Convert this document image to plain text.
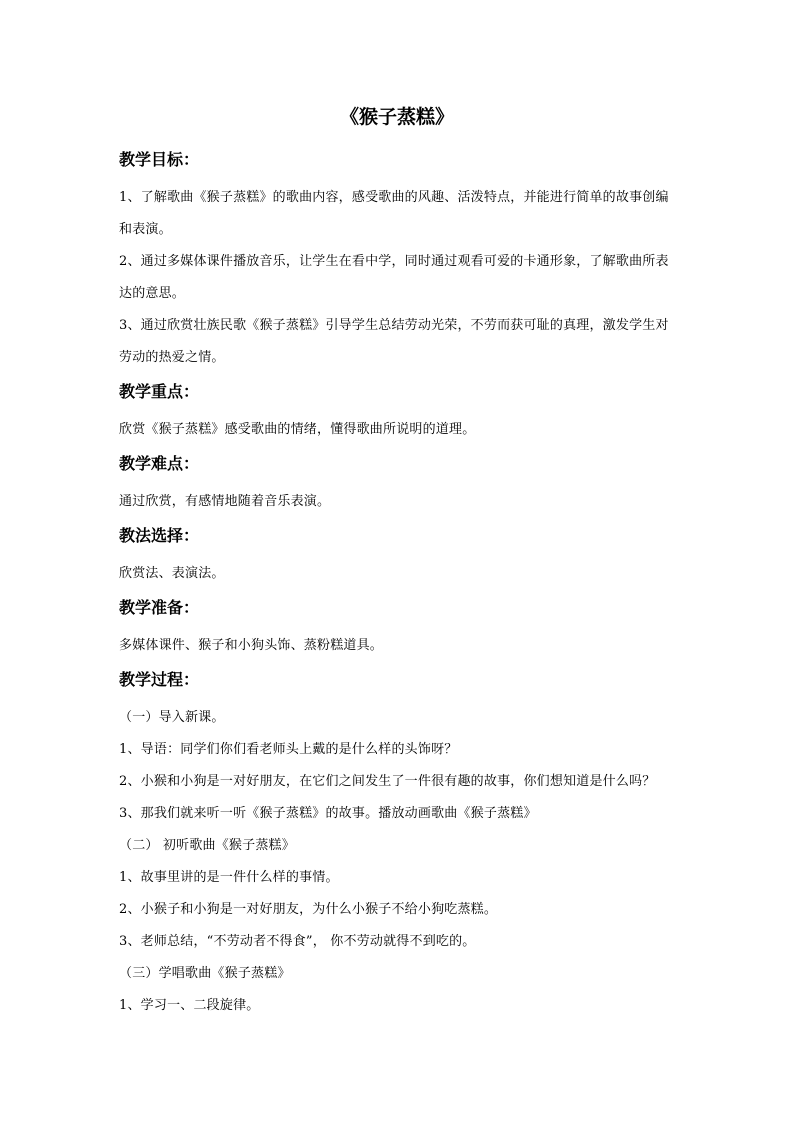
《猴子蒸糕》
教学目标：

1、了解歌曲《猴子蒸糕》的歌曲内容，感受歌曲的风趣、活泼特点，并能进行简单的故事创编和表演。

2、通过多媒体课件播放音乐，让学生在看中学，同时通过观看可爱的卡通形象，了解歌曲所表达的意思。

3、通过欣赏壮族民歌《猴子蒸糕》引导学生总结劳动光荣，不劳而获可耻的真理，激发学生对劳动的热爱之情。

教学重点：

欣赏《猴子蒸糕》感受歌曲的情绪，懂得歌曲所说明的道理。

教学难点：

通过欣赏，有感情地随着音乐表演。

教法选择：

欣赏法、表演法。

教学准备：

多媒体课件、猴子和小狗头饰、蒸粉糕道具。

教学过程：

（一）导入新课。

1、导语：同学们你们看老师头上戴的是什么样的头饰呀？

2、小猴和小狗是一对好朋友，在它们之间发生了一件很有趣的故事，你们想知道是什么吗？

3、那我们就来听一听《猴子蒸糕》的故事。播放动画歌曲《猴子蒸糕》

（二） 初听歌曲《猴子蒸糕》

1、故事里讲的是一件什么样的事情。

2、小猴子和小狗是一对好朋友，为什么小猴子不给小狗吃蒸糕。

3、老师总结，“不劳动者不得食”， 你不劳动就得不到吃的。

（三）学唱歌曲《猴子蒸糕》

1、学习一、二段旋律。
